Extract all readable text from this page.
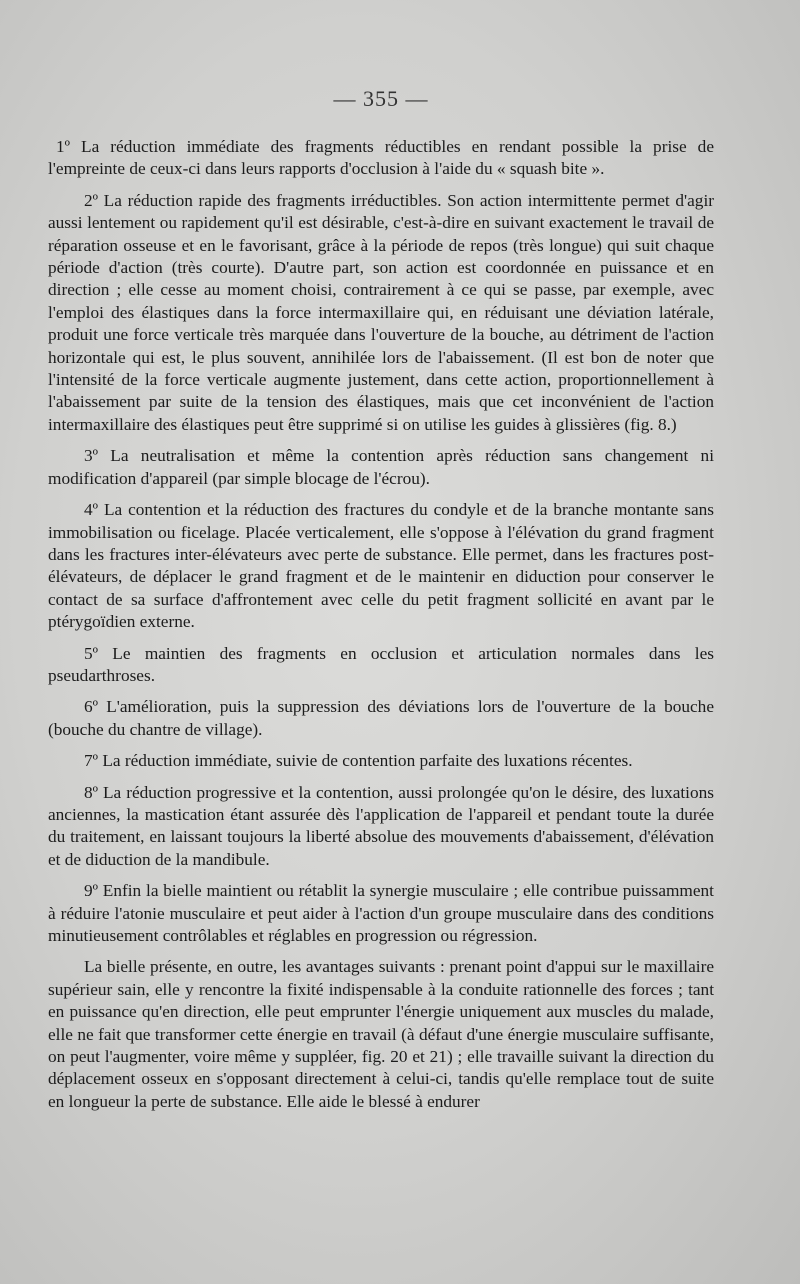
— 355 —

1º La réduction immédiate des fragments réductibles en rendant possible la prise de l'empreinte de ceux-ci dans leurs rapports d'occlusion à l'aide du « squash bite ».

2º La réduction rapide des fragments irréductibles. Son action intermittente permet d'agir aussi lentement ou rapidement qu'il est désirable, c'est-à-dire en suivant exactement le travail de réparation osseuse et en le favorisant, grâce à la période de repos (très longue) qui suit chaque période d'action (très courte). D'autre part, son action est coordonnée en puissance et en direction ; elle cesse au moment choisi, contrairement à ce qui se passe, par exemple, avec l'emploi des élastiques dans la force intermaxillaire qui, en réduisant une déviation latérale, produit une force verticale très marquée dans l'ouverture de la bouche, au détriment de l'action horizontale qui est, le plus souvent, annihilée lors de l'abaissement. (Il est bon de noter que l'intensité de la force verticale augmente justement, dans cette action, proportionnellement à l'abaissement par suite de la tension des élastiques, mais que cet inconvénient de l'action intermaxillaire des élastiques peut être supprimé si on utilise les guides à glissières (fig. 8.)

3º La neutralisation et même la contention après réduction sans changement ni modification d'appareil (par simple blocage de l'écrou).

4º La contention et la réduction des fractures du condyle et de la branche montante sans immobilisation ou ficelage. Placée verticalement, elle s'oppose à l'élévation du grand fragment dans les fractures inter-élévateurs avec perte de substance. Elle permet, dans les fractures post-élévateurs, de déplacer le grand fragment et de le maintenir en diduction pour conserver le contact de sa surface d'affrontement avec celle du petit fragment sollicité en avant par le ptérygoïdien externe.

5º Le maintien des fragments en occlusion et articulation normales dans les pseudarthroses.

6º L'amélioration, puis la suppression des déviations lors de l'ouverture de la bouche (bouche du chantre de village).

7º La réduction immédiate, suivie de contention parfaite des luxations récentes.

8º La réduction progressive et la contention, aussi prolongée qu'on le désire, des luxations anciennes, la mastication étant assurée dès l'application de l'appareil et pendant toute la durée du traitement, en laissant toujours la liberté absolue des mouvements d'abaissement, d'élévation et de diduction de la mandibule.

9º Enfin la bielle maintient ou rétablit la synergie musculaire ; elle contribue puissamment à réduire l'atonie musculaire et peut aider à l'action d'un groupe musculaire dans des conditions minutieusement contrôlables et réglables en progression ou régression.

La bielle présente, en outre, les avantages suivants : prenant point d'appui sur le maxillaire supérieur sain, elle y rencontre la fixité indispensable à la conduite rationnelle des forces ; tant en puissance qu'en direction, elle peut emprunter l'énergie uniquement aux muscles du malade, elle ne fait que transformer cette énergie en travail (à défaut d'une énergie musculaire suffisante, on peut l'augmenter, voire même y suppléer, fig. 20 et 21) ; elle travaille suivant la direction du déplacement osseux en s'opposant directement à celui-ci, tandis qu'elle remplace tout de suite en longueur la perte de substance. Elle aide le blessé à endurer
